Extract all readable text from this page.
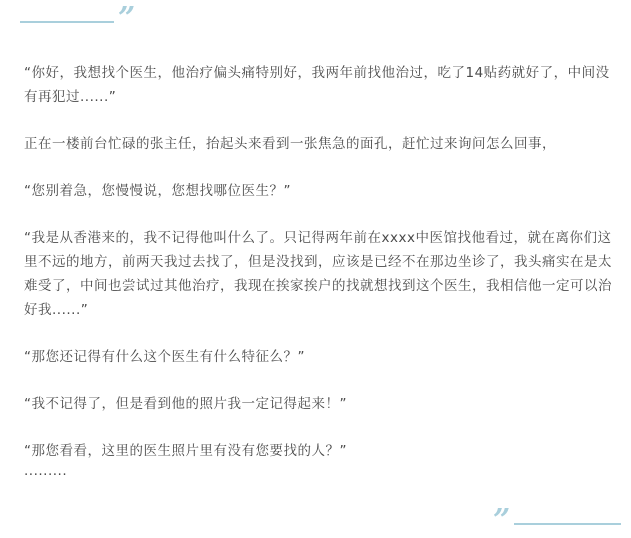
”

“你好，我想找个医生，他治疗偏头痛特别好，我两年前找他治过，吃了14贴药就好了，中间没有再犯过......”

正在一楼前台忙碌的张主任，抬起头来看到一张焦急的面孔，赶忙过来询问怎么回事，

“您别着急，您慢慢说，您想找哪位医生？”

“我是从香港来的，我不记得他叫什么了。只记得两年前在xxxx中医馆找他看过，就在离你们这里不远的地方，前两天我过去找了，但是没找到，应该是已经不在那边坐诊了，我头痛实在是太难受了，中间也尝试过其他治疗，我现在挨家挨户的找就想找到这个医生，我相信他一定可以治好我......”

“那您还记得有什么这个医生有什么特征么？”

“我不记得了，但是看到他的照片我一定记得起来！”

“那您看看，这里的医生照片里有没有您要找的人？”

.........

”
